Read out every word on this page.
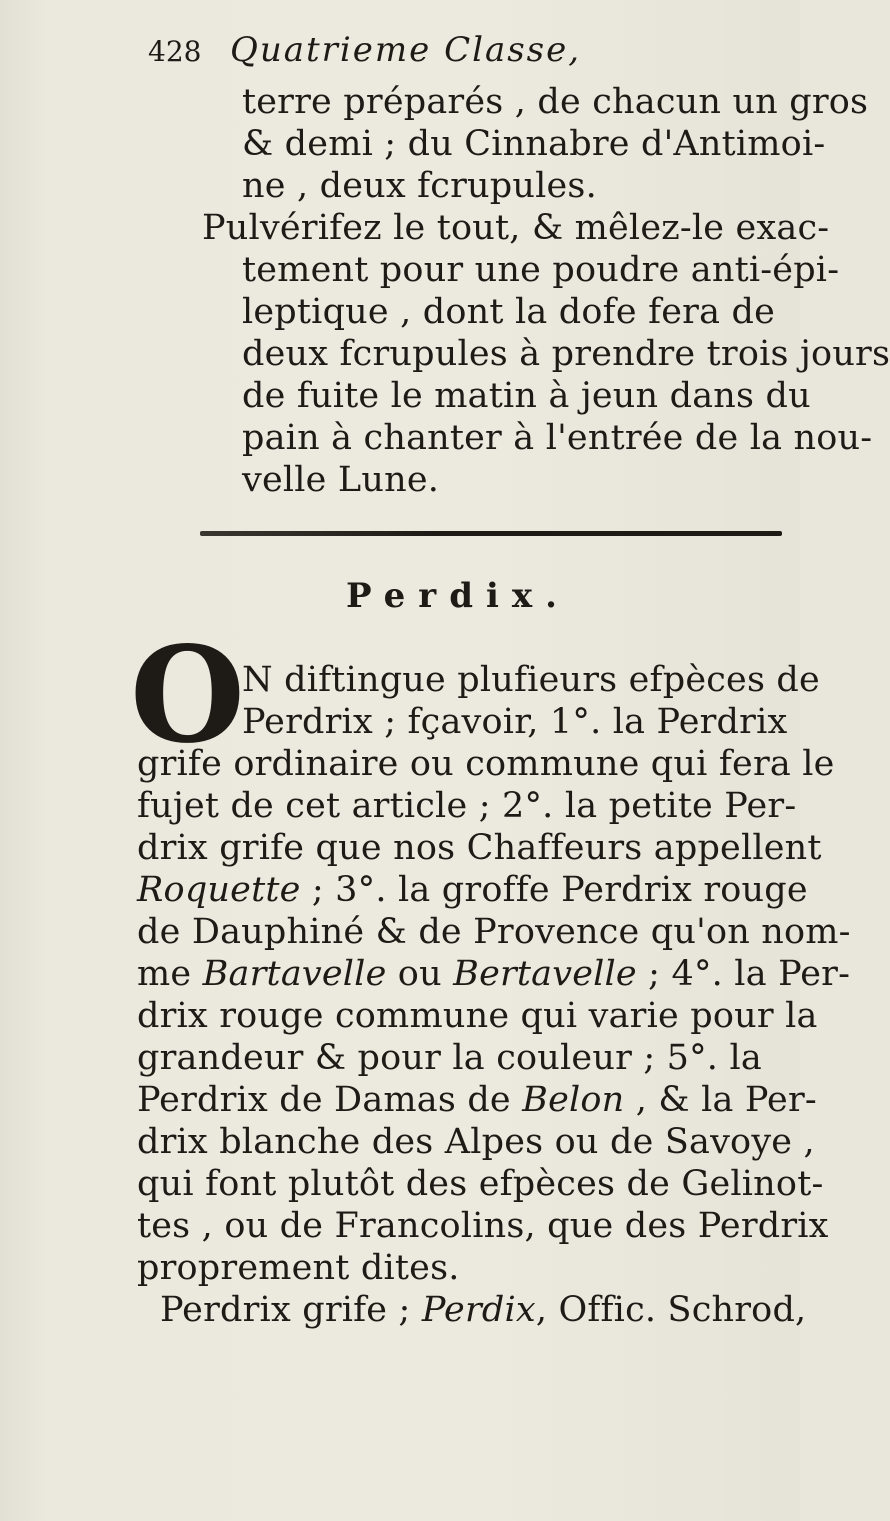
428 Quatrieme Classe,
terre préparés , de chacun un gros
& demi ; du Cinnabre d'Antimoi-
ne , deux fcrupules.
Pulvérifez le tout, & mêlez-le exac-
tement pour une poudre anti-épi-
leptique , dont la dofe fera de
deux fcrupules à prendre trois jours
de fuite le matin à jeun dans du
pain à chanter à l'entrée de la nou-
velle Lune.
Perdix.
O
N diftingue plufieurs efpèces de
Perdrix ; fçavoir, 1°. la Perdrix
grife ordinaire ou commune qui fera le
fujet de cet article ; 2°. la petite Per-
drix grife que nos Chaffeurs appellent
Roquette ; 3°. la groffe Perdrix rouge
de Dauphiné & de Provence qu'on nom-
me Bartavelle ou Bertavelle ; 4°. la Per-
drix rouge commune qui varie pour la
grandeur & pour la couleur ; 5°. la
Perdrix de Damas de Belon , & la Per-
drix blanche des Alpes ou de Savoye ,
qui font plutôt des efpèces de Gelinot-
tes , ou de Francolins, que des Perdrix
proprement dites.
Perdrix grife ; Perdix, Offic. Schrod,
